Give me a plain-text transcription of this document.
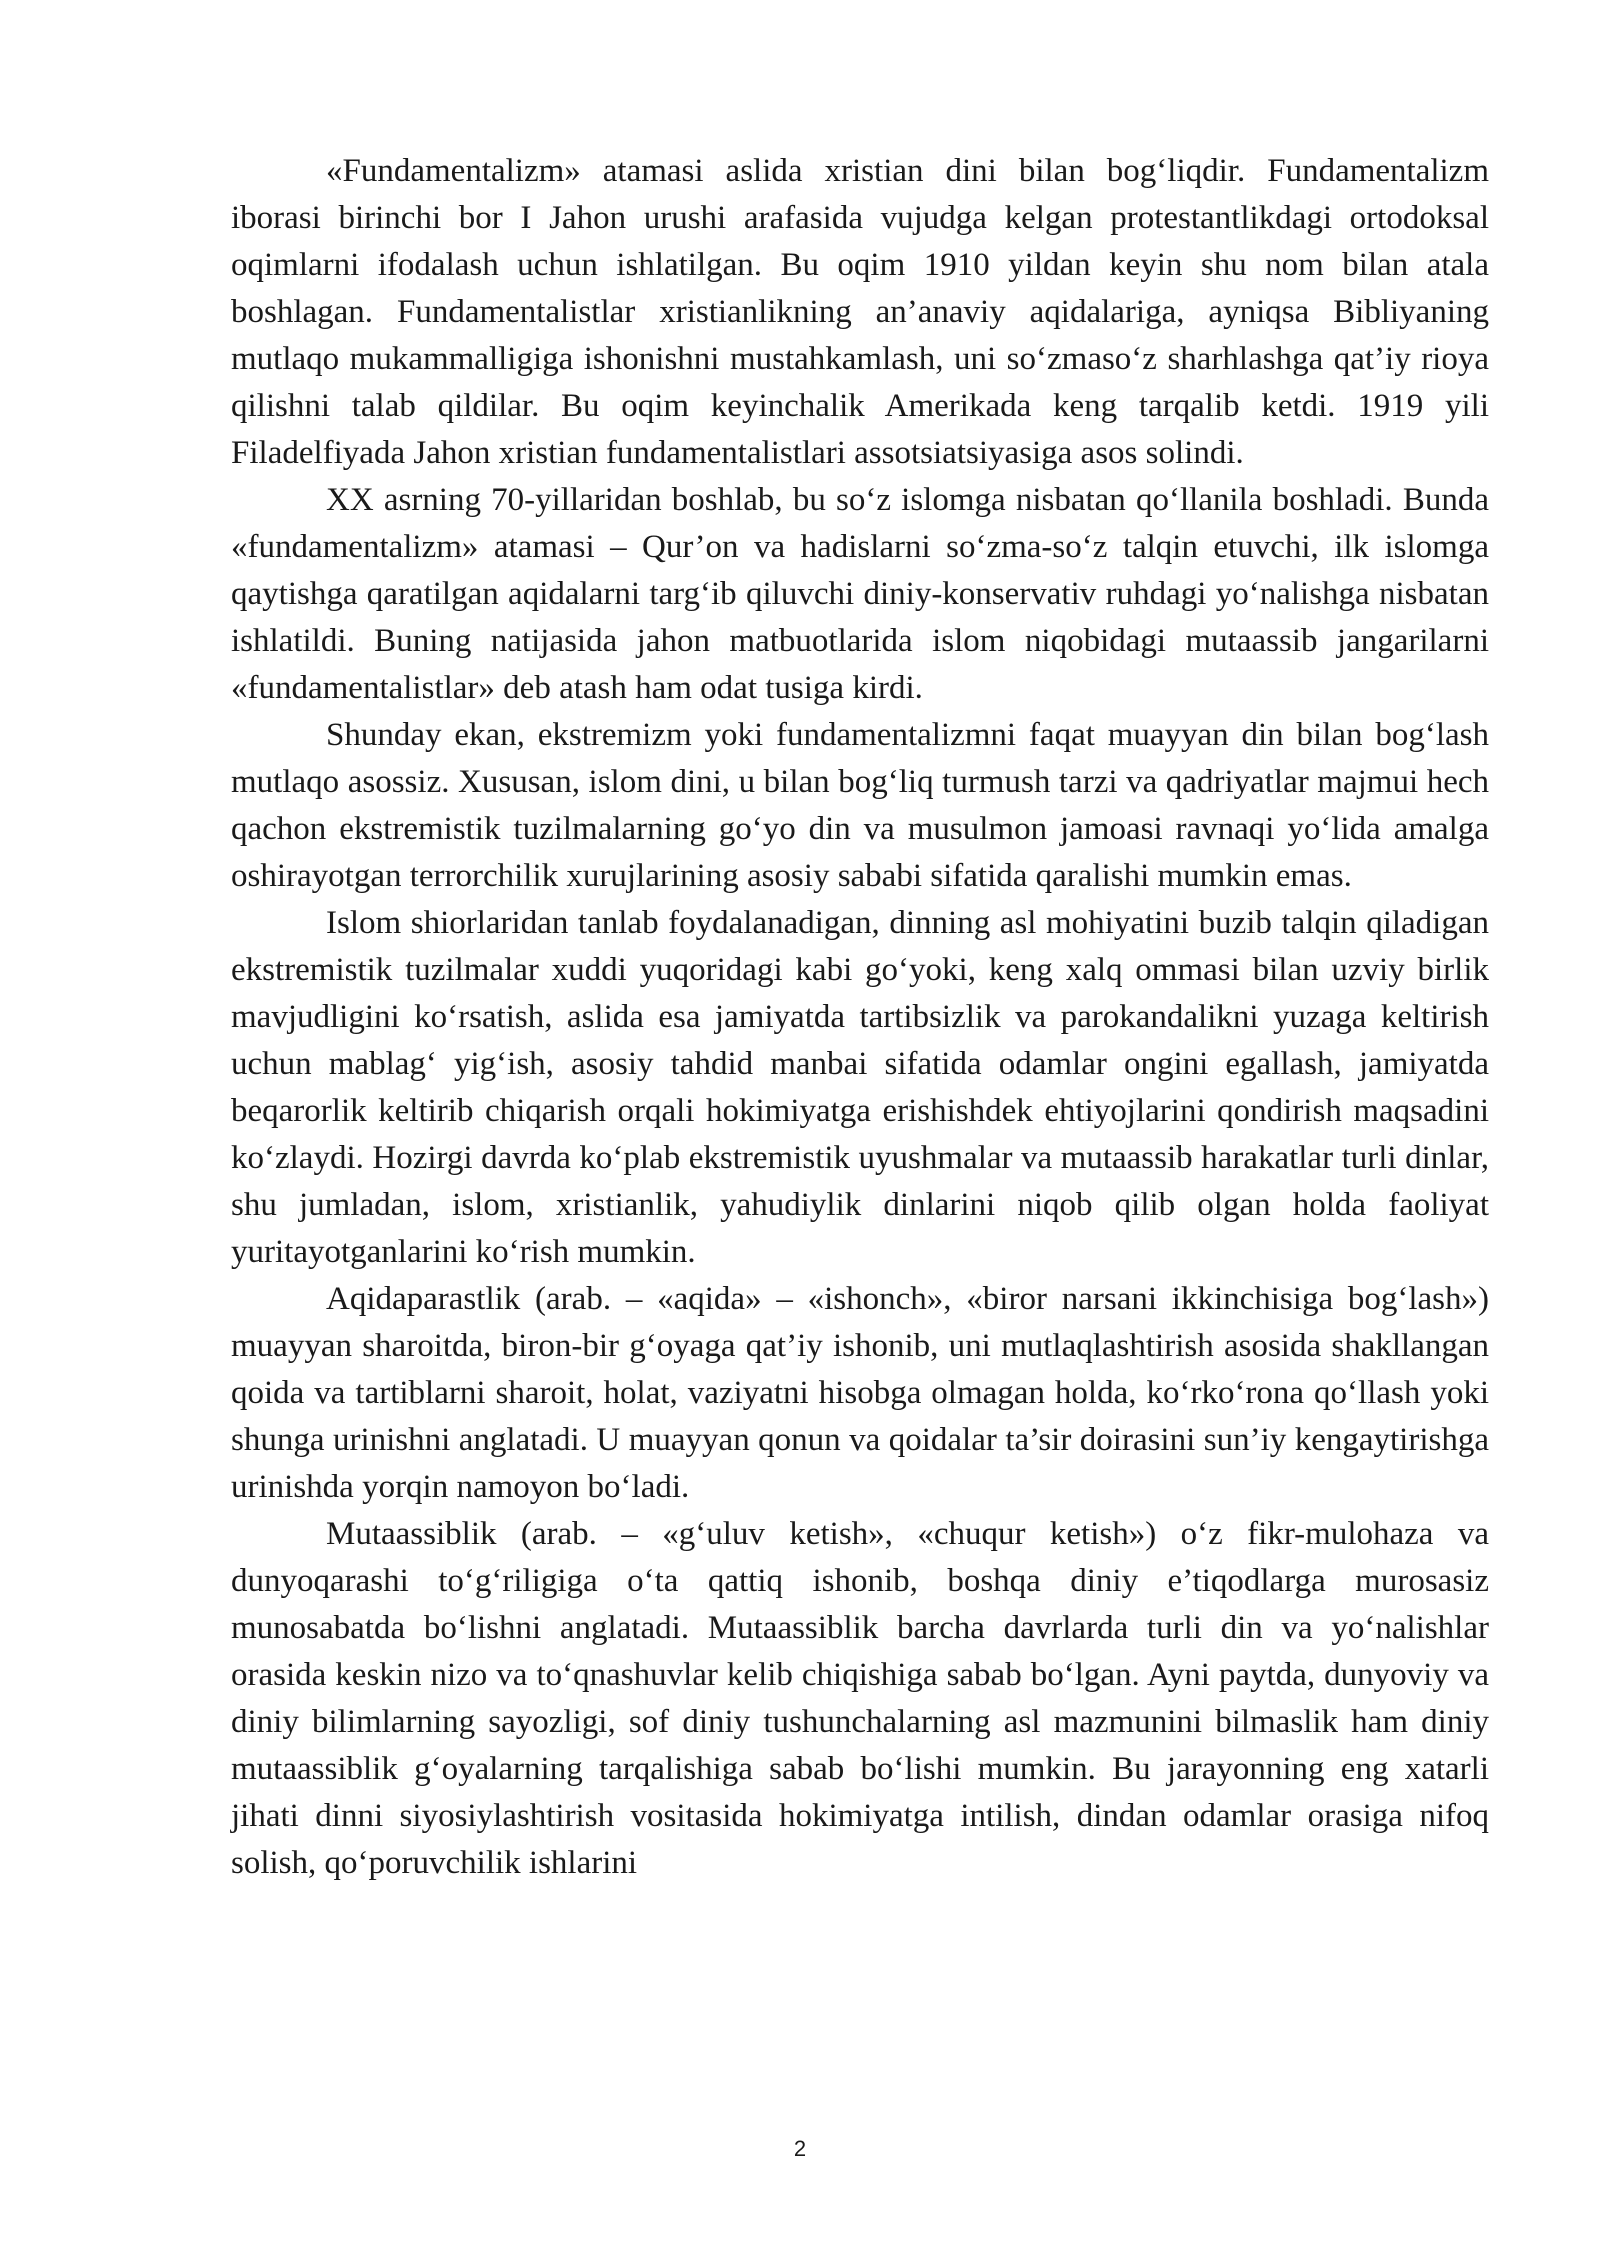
«Fundamentalizm» atamasi aslida xristian dini bilan bog‘liqdir. Fundamentalizm iborasi birinchi bor I Jahon urushi arafasida vujudga kelgan protestantlikdagi ortodoksal oqimlarni ifodalash uchun ishlatilgan. Bu oqim 1910 yildan keyin shu nom bilan atala boshlagan. Fundamentalistlar xristianlikning an’anaviy aqidalariga, ayniqsa Bibliyaning mutlaqo mukammalligiga ishonishni mustahkamlash, uni so‘zmaso‘z sharhlashga qat’iy rioya qilishni talab qildilar. Bu oqim keyinchalik Amerikada keng tarqalib ketdi. 1919 yili Filadelfiyada Jahon xristian fundamentalistlari assotsiatsiyasiga asos solindi.

XX asrning 70-yillaridan boshlab, bu so‘z islomga nisbatan qo‘llanila boshladi. Bunda «fundamentalizm» atamasi – Qur’on va hadislarni so‘zma-so‘z talqin etuvchi, ilk islomga qaytishga qaratilgan aqidalarni targ‘ib qiluvchi diniy-konservativ ruhdagi yo‘nalishga nisbatan ishlatildi. Buning natijasida jahon matbuotlarida islom niqobidagi mutaassib jangarilarni «fundamentalistlar» deb atash ham odat tusiga kirdi.

Shunday ekan, ekstremizm yoki fundamentalizmni faqat muayyan din bilan bog‘lash mutlaqo asossiz. Xususan, islom dini, u bilan bog‘liq turmush tarzi va qadriyatlar majmui hech qachon ekstremistik tuzilmalarning go‘yo din va musulmon jamoasi ravnaqi yo‘lida amalga oshirayotgan terrorchilik xurujlarining asosiy sababi sifatida qaralishi mumkin emas.

Islom shiorlaridan tanlab foydalanadigan, dinning asl mohiyatini buzib talqin qiladigan ekstremistik tuzilmalar xuddi yuqoridagi kabi go‘yoki, keng xalq ommasi bilan uzviy birlik mavjudligini ko‘rsatish, aslida esa jamiyatda tartibsizlik va parokandalikni yuzaga keltirish uchun mablag‘ yig‘ish, asosiy tahdid manbai sifatida odamlar ongini egallash, jamiyatda beqarorlik keltirib chiqarish orqali hokimiyatga erishishdek ehtiyojlarini qondirish maqsadini ko‘zlaydi. Hozirgi davrda ko‘plab ekstremistik uyushmalar va mutaassib harakatlar turli dinlar, shu jumladan, islom, xristianlik, yahudiylik dinlarini niqob qilib olgan holda faoliyat yuritayotganlarini ko‘rish mumkin.

Aqidaparastlik (arab. – «aqida» – «ishonch», «biror narsani ikkinchisiga bog‘lash») muayyan sharoitda, biron-bir g‘oyaga qat’iy ishonib, uni mutlaqlashtirish asosida shakllangan qoida va tartiblarni sharoit, holat, vaziyatni hisobga olmagan holda, ko‘rko‘rona qo‘llash yoki shunga urinishni anglatadi. U muayyan qonun va qoidalar ta’sir doirasini sun’iy kengaytirishga urinishda yorqin namoyon bo‘ladi.

Mutaassiblik (arab. – «g‘uluv ketish», «chuqur ketish») o‘z fikr-mulohaza va dunyoqarashi to‘g‘riligiga o‘ta qattiq ishonib, boshqa diniy e’tiqodlarga murosasiz munosabatda bo‘lishni anglatadi. Mutaassiblik barcha davrlarda turli din va yo‘nalishlar orasida keskin nizo va to‘qnashuvlar kelib chiqishiga sabab bo‘lgan. Ayni paytda, dunyoviy va diniy bilimlarning sayozligi, sof diniy tushunchalarning asl mazmunini bilmaslik ham diniy mutaassiblik g‘oyalarning tarqalishiga sabab bo‘lishi mumkin. Bu jarayonning eng xatarli jihati dinni siyosiylashtirish vositasida hokimiyatga intilish, dindan odamlar orasiga nifoq solish, qo‘poruvchilik ishlarini

2
